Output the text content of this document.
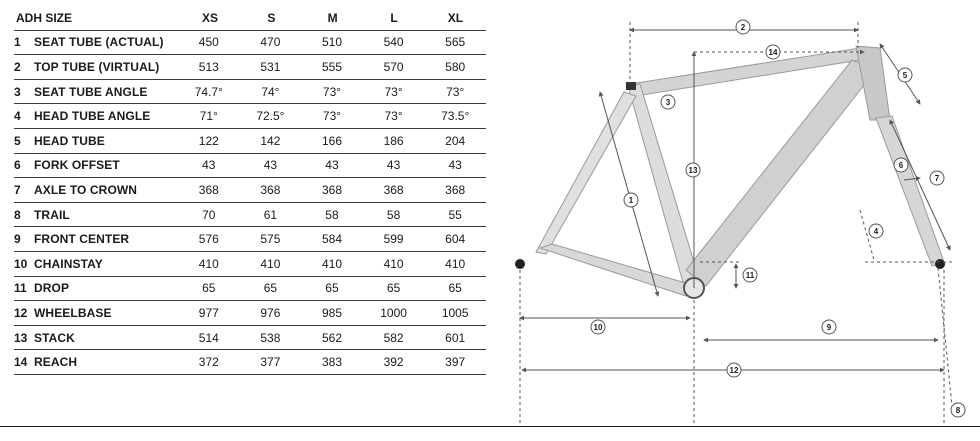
ADH SIZE	XS	S	M	L	XL
1	SEAT TUBE (ACTUAL)	450	470	510	540	565
2	TOP TUBE (VIRTUAL)	513	531	555	570	580
3	SEAT TUBE ANGLE	74.7°	74°	73°	73°	73°
4	HEAD TUBE ANGLE	71°	72.5°	73°	73°	73.5°
5	HEAD TUBE	122	142	166	186	204
6	FORK OFFSET	43	43	43	43	43
7	AXLE TO CROWN	368	368	368	368	368
8	TRAIL	70	61	58	58	55
9	FRONT CENTER	576	575	584	599	604
10 CHAINSTAY	410	410	410	410	410
11 DROP	65	65	65	65	65
12 WHEELBASE	977	976	985	1000	1005
13 STACK	514	538	562	582	601
14 REACH	372	377	383	392	397
1
2
3
4
5
6
7
8
9
10
11
12
13
14
